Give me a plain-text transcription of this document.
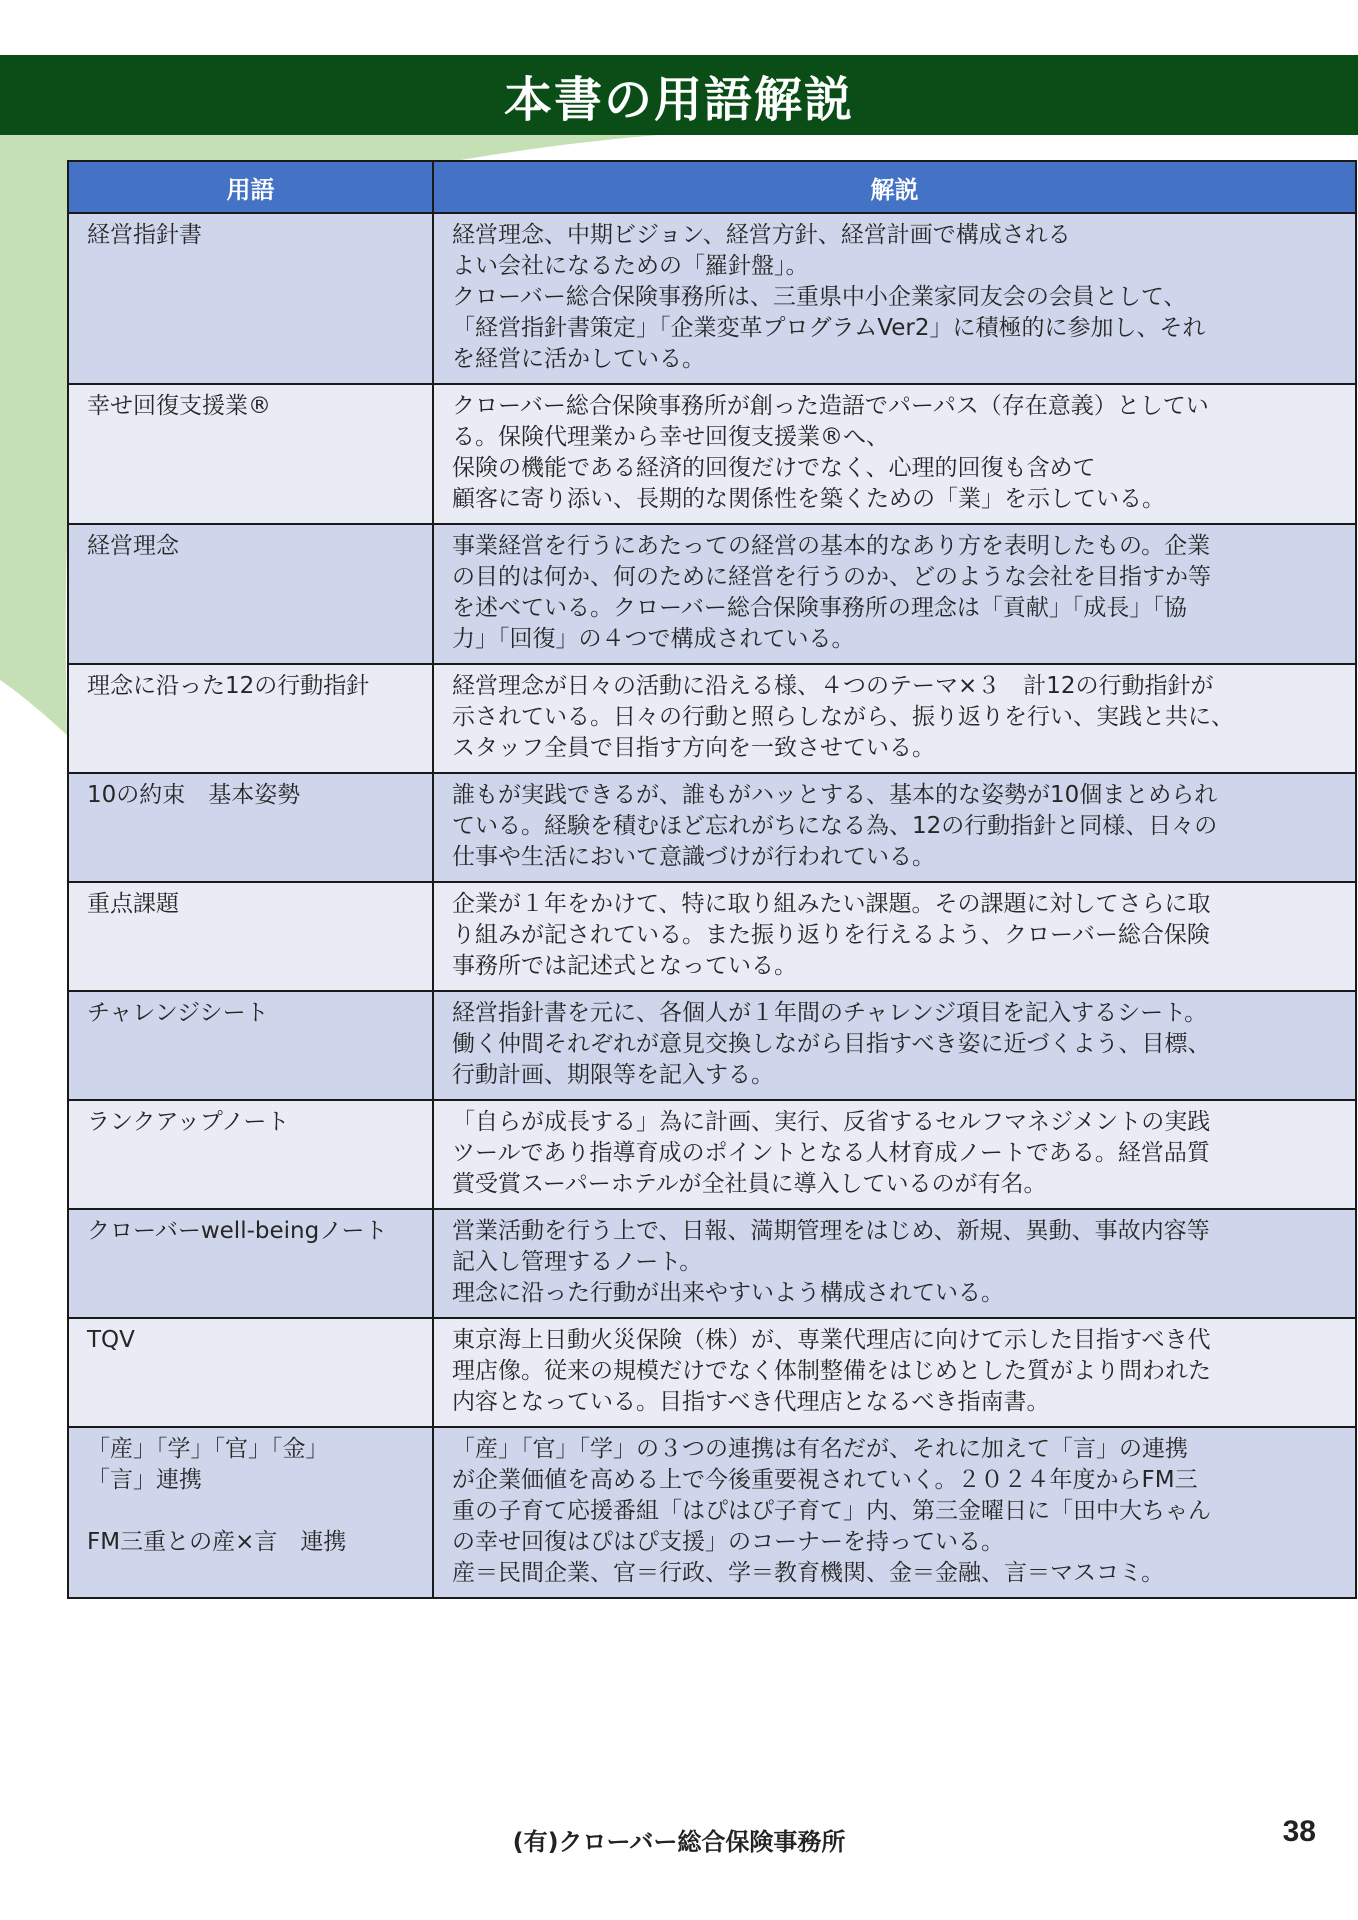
本書の用語解説
用語	解説

経営指針書	経営理念、中期ビジョン、経営方針、経営計画で構成される
よい会社になるための「羅針盤」。
クローバー総合保険事務所は、三重県中小企業家同友会の会員として、
「経営指針書策定」「企業変革プログラムVer2」に積極的に参加し、それ
を経営に活かしている。

幸せ回復支援業®	クローバー総合保険事務所が創った造語でパーパス（存在意義）としてい
る。保険代理業から幸せ回復支援業®へ、
保険の機能である経済的回復だけでなく、心理的回復も含めて
顧客に寄り添い、長期的な関係性を築くための「業」を示している。

経営理念	事業経営を行うにあたっての経営の基本的なあり方を表明したもの。企業
の目的は何か、何のために経営を行うのか、どのような会社を目指すか等
を述べている。クローバー総合保険事務所の理念は「貢献」「成長」「協
力」「回復」の４つで構成されている。

理念に沿った12の行動指針	経営理念が日々の活動に沿える様、４つのテーマ×３　計12の行動指針が
示されている。日々の行動と照らしながら、振り返りを行い、実践と共に、
スタッフ全員で目指す方向を一致させている。

10の約束　基本姿勢	誰もが実践できるが、誰もがハッとする、基本的な姿勢が10個まとめられ
ている。経験を積むほど忘れがちになる為、12の行動指針と同様、日々の
仕事や生活において意識づけが行われている。

重点課題	企業が１年をかけて、特に取り組みたい課題。その課題に対してさらに取
り組みが記されている。また振り返りを行えるよう、クローバー総合保険
事務所では記述式となっている。

チャレンジシート	経営指針書を元に、各個人が１年間のチャレンジ項目を記入するシート。
働く仲間それぞれが意見交換しながら目指すべき姿に近づくよう、目標、
行動計画、期限等を記入する。

ランクアップノート	「自らが成長する」為に計画、実行、反省するセルフマネジメントの実践
ツールであり指導育成のポイントとなる人材育成ノートである。経営品質
賞受賞スーパーホテルが全社員に導入しているのが有名。

クローバーwell-beingノート	営業活動を行う上で、日報、満期管理をはじめ、新規、異動、事故内容等
記入し管理するノート。
理念に沿った行動が出来やすいよう構成されている。

TQV	東京海上日動火災保険（株）が、専業代理店に向けて示した目指すべき代
理店像。従来の規模だけでなく体制整備をはじめとした質がより問われた
内容となっている。目指すべき代理店となるべき指南書。

「産」「学」「官」「金」
「言」連携
FM三重との産×言　連携	「産」「官」「学」の３つの連携は有名だが、それに加えて「言」の連携
が企業価値を高める上で今後重要視されていく。２０２４年度からFM三
重の子育て応援番組「はぴはぴ子育て」内、第三金曜日に「田中大ちゃん
の幸せ回復はぴはぴ支援」のコーナーを持っている。
産＝民間企業、官＝行政、学＝教育機関、金＝金融、言＝マスコミ。
(有)クローバー総合保険事務所	38
